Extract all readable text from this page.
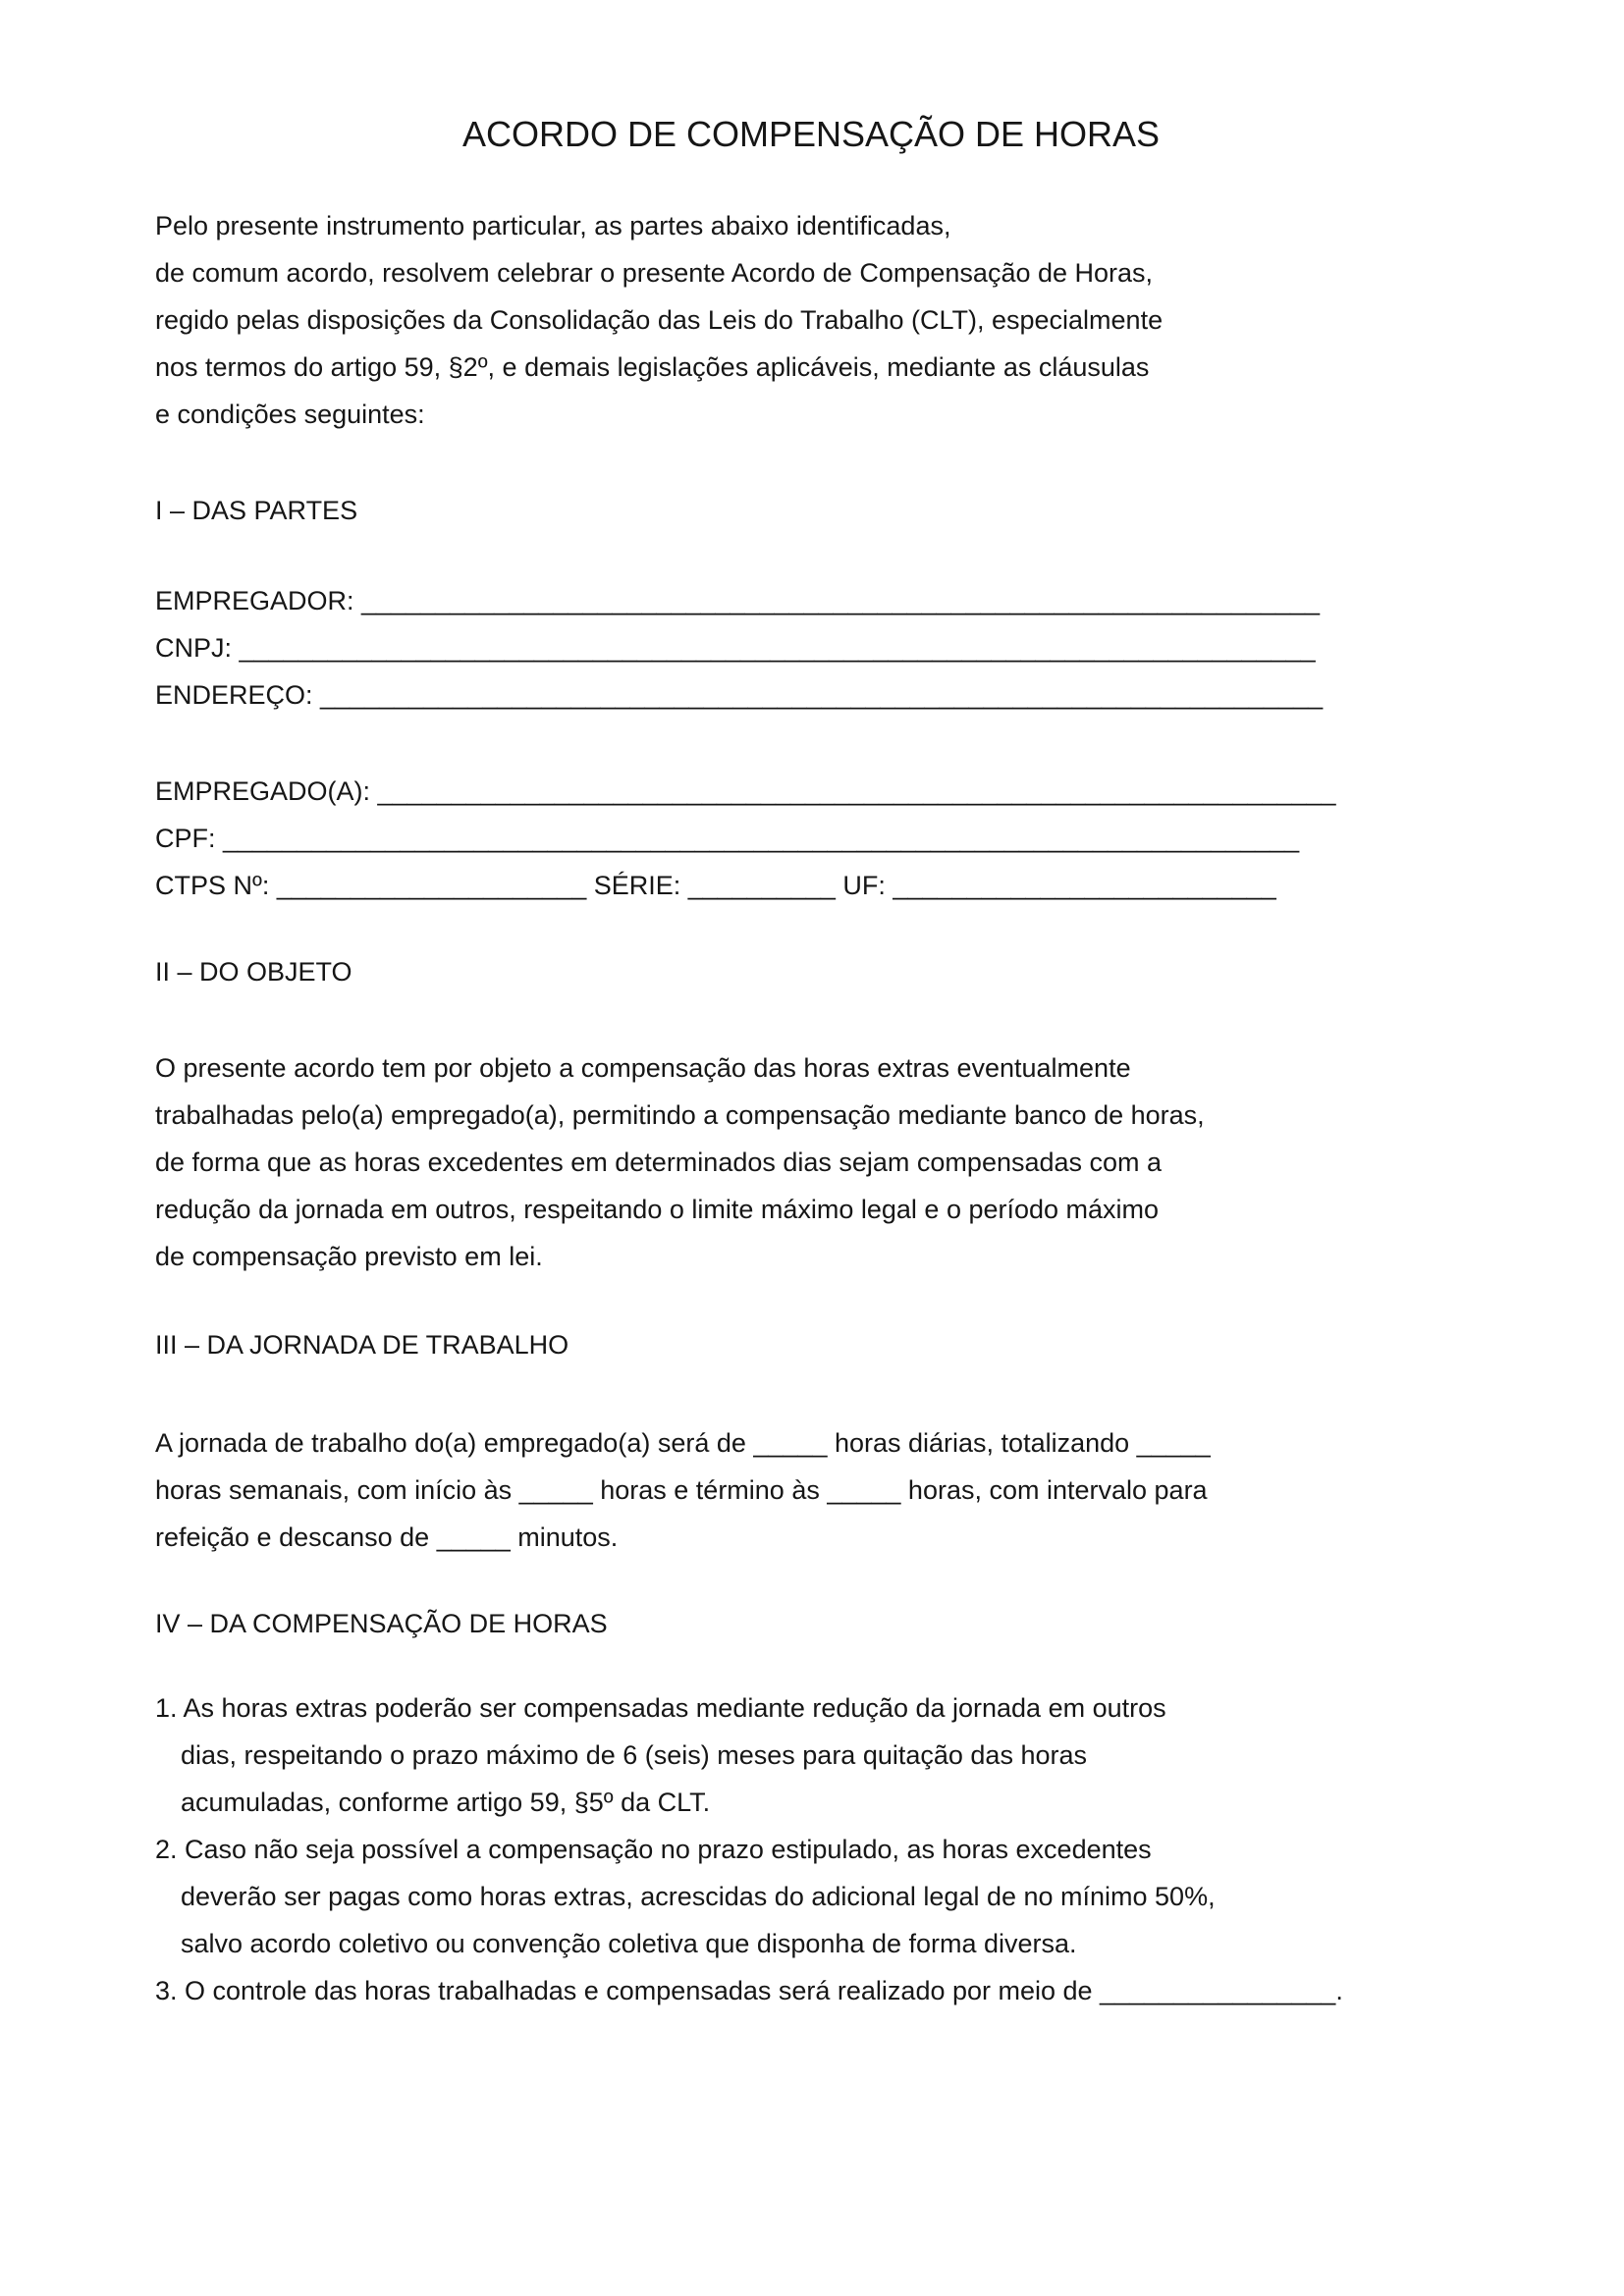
ACORDO DE COMPENSAÇÃO DE HORAS
Pelo presente instrumento particular, as partes abaixo identificadas,
de comum acordo, resolvem celebrar o presente Acordo de Compensação de Horas,
regido pelas disposições da Consolidação das Leis do Trabalho (CLT), especialmente
nos termos do artigo 59, §2º, e demais legislações aplicáveis, mediante as cláusulas
e condições seguintes:
I – DAS PARTES
EMPREGADOR: _________________________________________________________________
CNPJ: _________________________________________________________________________
ENDEREÇO: ____________________________________________________________________
EMPREGADO(A): _________________________________________________________________
CPF: _________________________________________________________________________
CTPS Nº: _____________________ SÉRIE: __________ UF: __________________________
II – DO OBJETO
O presente acordo tem por objeto a compensação das horas extras eventualmente
trabalhadas pelo(a) empregado(a), permitindo a compensação mediante banco de horas,
de forma que as horas excedentes em determinados dias sejam compensadas com a
redução da jornada em outros, respeitando o limite máximo legal e o período máximo
de compensação previsto em lei.
III – DA JORNADA DE TRABALHO
A jornada de trabalho do(a) empregado(a) será de _____ horas diárias, totalizando _____
horas semanais, com início às _____ horas e término às _____ horas, com intervalo para
refeição e descanso de _____ minutos.
IV – DA COMPENSAÇÃO DE HORAS
1. As horas extras poderão ser compensadas mediante redução da jornada em outros
dias, respeitando o prazo máximo de 6 (seis) meses para quitação das horas
acumuladas, conforme artigo 59, §5º da CLT.
2. Caso não seja possível a compensação no prazo estipulado, as horas excedentes
deverão ser pagas como horas extras, acrescidas do adicional legal de no mínimo 50%,
salvo acordo coletivo ou convenção coletiva que disponha de forma diversa.
3. O controle das horas trabalhadas e compensadas será realizado por meio de ________________.
